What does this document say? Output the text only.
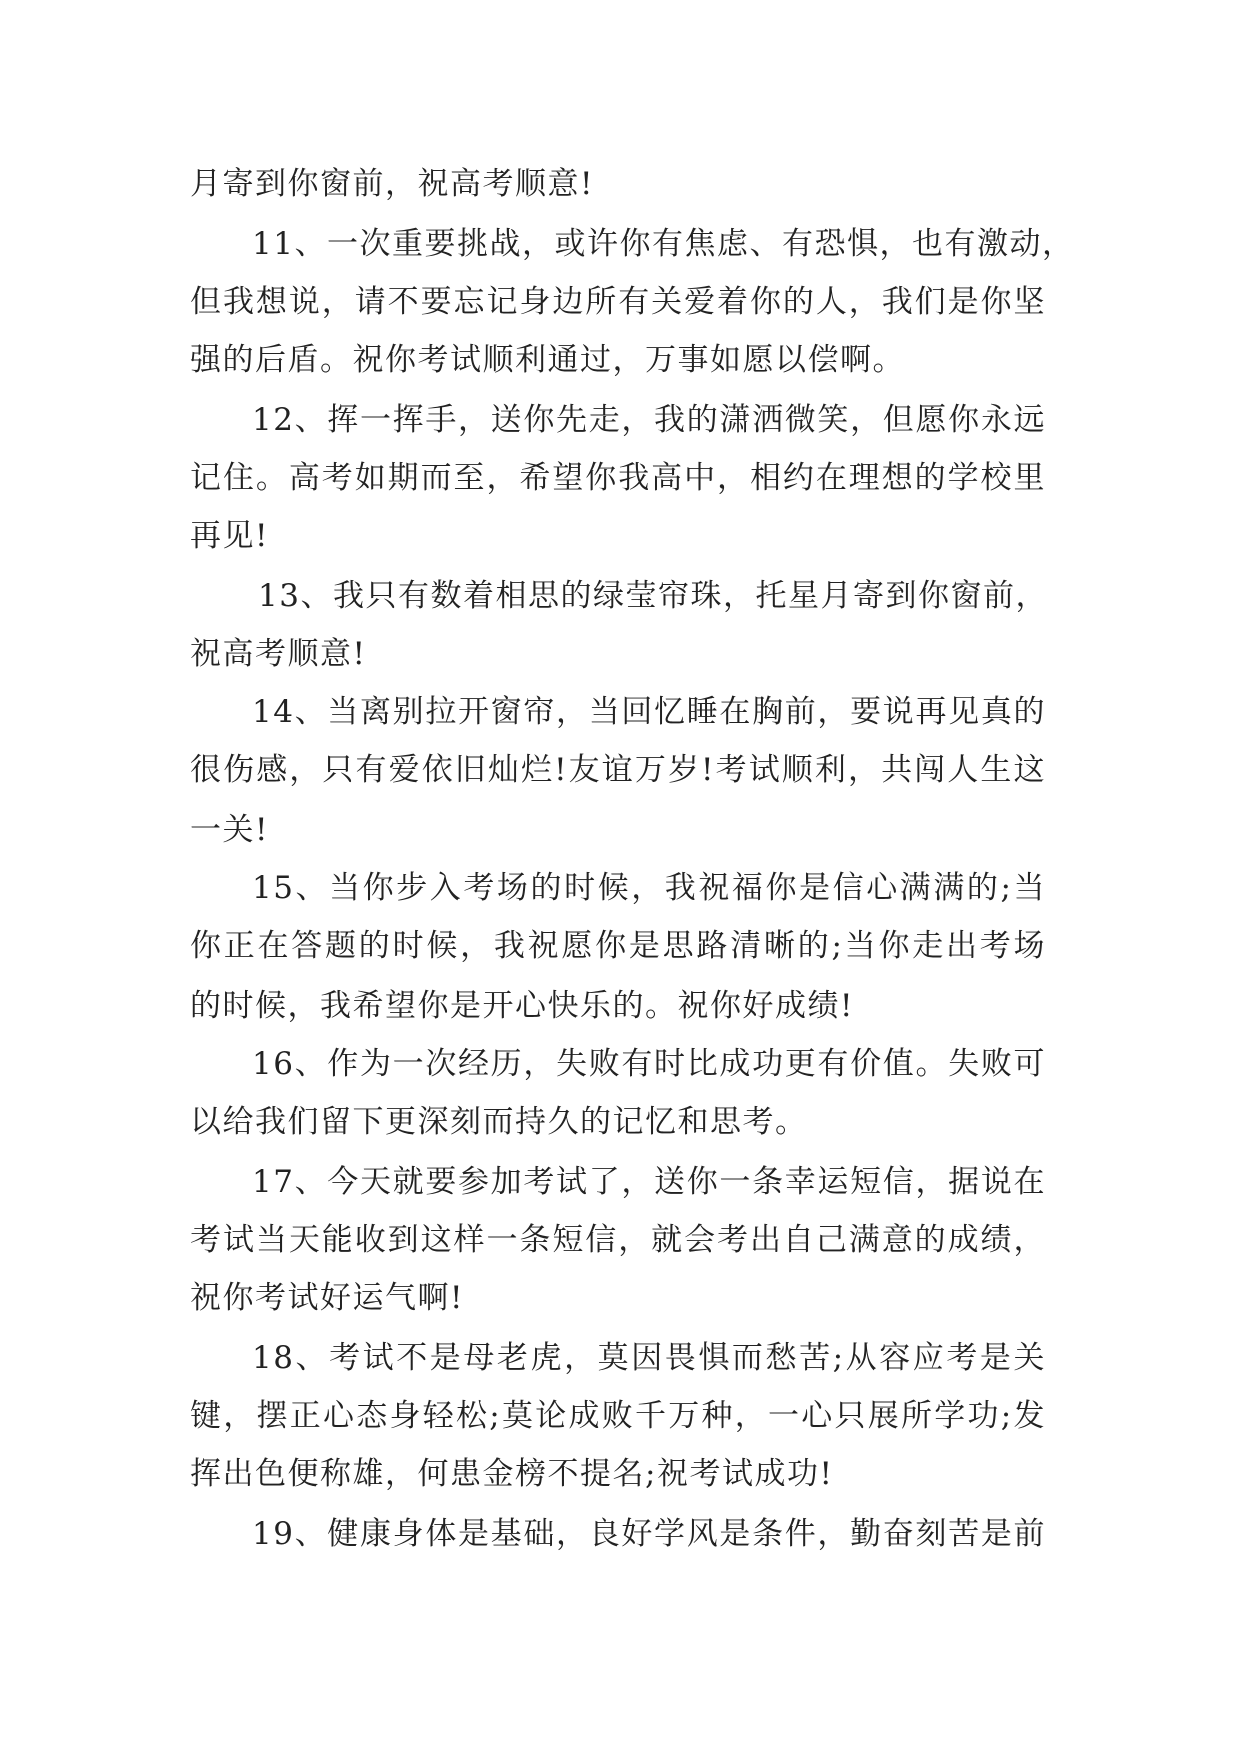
月寄到你窗前，祝高考顺意!
11、一次重要挑战，或许你有焦虑、有恐惧，也有激动，
但我想说，请不要忘记身边所有关爱着你的人，我们是你坚
强的后盾。祝你考试顺利通过，万事如愿以偿啊。
12、挥一挥手，送你先走，我的潇洒微笑，但愿你永远
记住。高考如期而至，希望你我高中，相约在理想的学校里
再见!
13、我只有数着相思的绿莹帘珠，托星月寄到你窗前，
祝高考顺意!
14、当离别拉开窗帘，当回忆睡在胸前，要说再见真的
很伤感，只有爱依旧灿烂!友谊万岁!考试顺利，共闯人生这
一关!
15、当你步入考场的时候，我祝福你是信心满满的;当
你正在答题的时候，我祝愿你是思路清晰的;当你走出考场
的时候，我希望你是开心快乐的。祝你好成绩!
16、作为一次经历，失败有时比成功更有价值。失败可
以给我们留下更深刻而持久的记忆和思考。
17、今天就要参加考试了，送你一条幸运短信，据说在
考试当天能收到这样一条短信，就会考出自己满意的成绩，
祝你考试好运气啊!
18、考试不是母老虎，莫因畏惧而愁苦;从容应考是关
键，摆正心态身轻松;莫论成败千万种，一心只展所学功;发
挥出色便称雄，何患金榜不提名;祝考试成功!
19、健康身体是基础，良好学风是条件，勤奋刻苦是前
